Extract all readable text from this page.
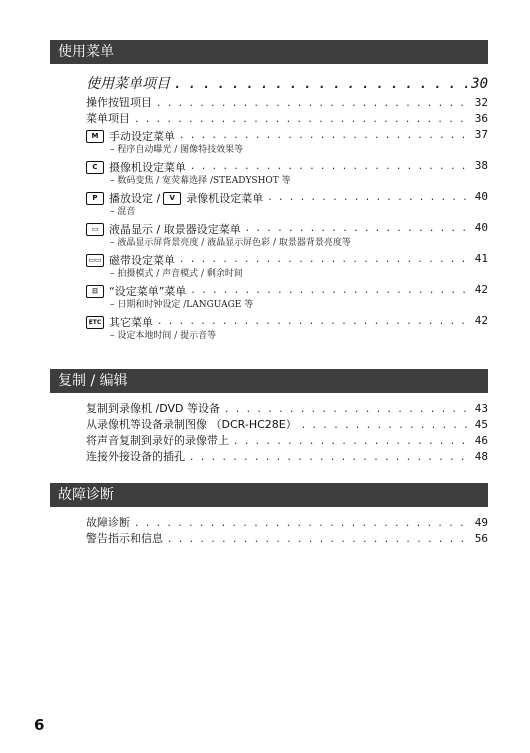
使用菜单
使用菜单项目 . . .	30
操作按钮项目 . . .	32
菜单项目 . . .	36
M 手动设定菜单 . . .	37
– 程序自动曝光 / 图像特技效果等
C	摄像机设定菜单 . . .	38
– 数码变焦 / 宽荧幕选择 /STEADYSHOT 等
P	播放设定 /	V	录像机设定菜单 . . .	40
– 混音
▭ 液晶显示 / 取景器设定菜单 . . .	40
– 液晶显示屏背景亮度 / 液晶显示屏色彩 / 取景器背景亮度等
▭▭ 磁带设定菜单 . . .	41
– 拍摄模式 / 声音模式 / 剩余时间
⊟	“设定菜单”菜单 . . .	42
– 日期和时钟设定 /LANGUAGE 等
ETC 其它菜单 . . .	42
– 设定本地时间 / 提示音等
复制 / 编辑
复制到录像机 /DVD 等设备 . . .	43
从录像机等设备录制图像 （DCR-HC28E） . . .	45
将声音复制到录好的录像带上 . . .	46
连接外接设备的插孔 . . .	48
故障诊断
故障诊断 . . .	49
警告指示和信息 . . .	56
6
